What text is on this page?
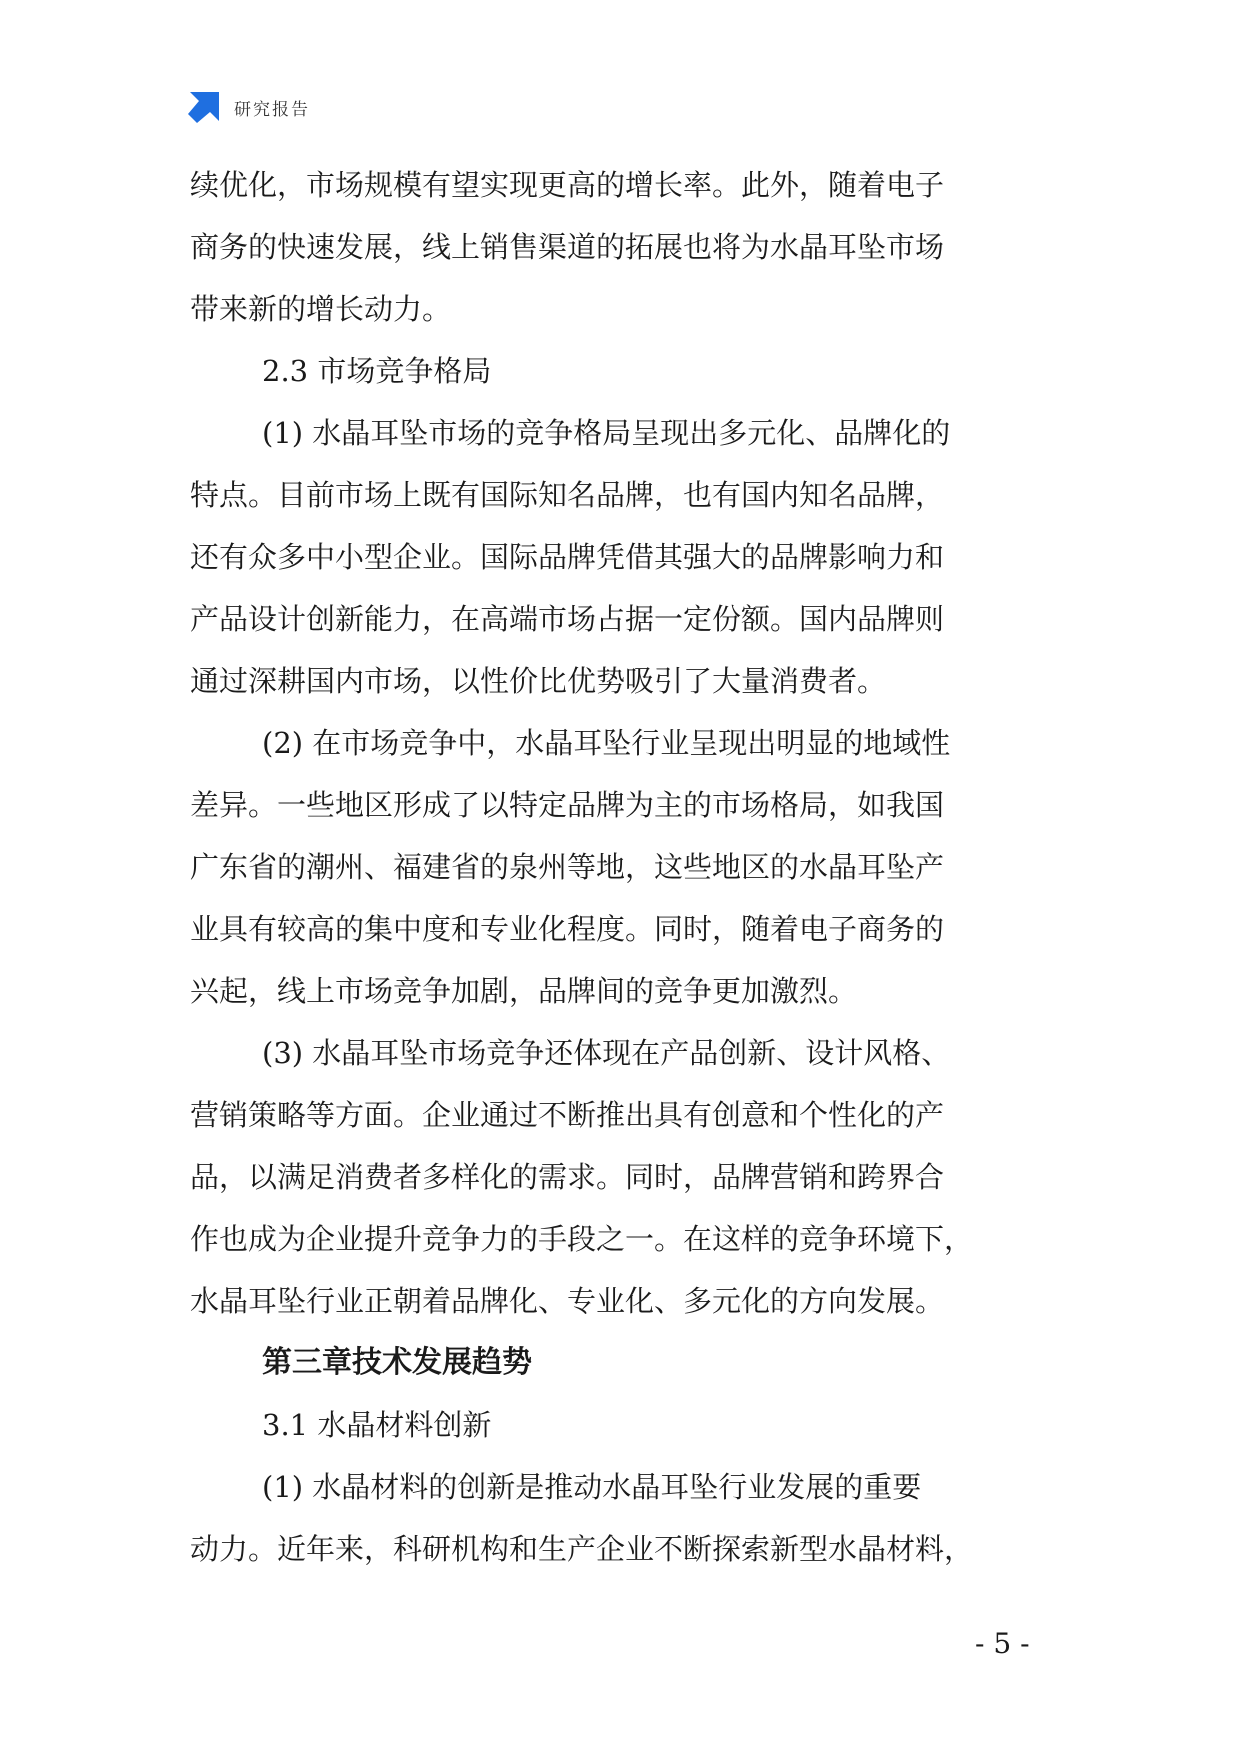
研究报告
续优化，市场规模有望实现更高的增长率。此外，随着电子
商务的快速发展，线上销售渠道的拓展也将为水晶耳坠市场
带来新的增长动力。
2.3 市场竞争格局
(1) 水晶耳坠市场的竞争格局呈现出多元化、品牌化的
特点。目前市场上既有国际知名品牌，也有国内知名品牌，
还有众多中小型企业。国际品牌凭借其强大的品牌影响力和
产品设计创新能力，在高端市场占据一定份额。国内品牌则
通过深耕国内市场，以性价比优势吸引了大量消费者。
(2) 在市场竞争中，水晶耳坠行业呈现出明显的地域性
差异。一些地区形成了以特定品牌为主的市场格局，如我国
广东省的潮州、福建省的泉州等地，这些地区的水晶耳坠产
业具有较高的集中度和专业化程度。同时，随着电子商务的
兴起，线上市场竞争加剧，品牌间的竞争更加激烈。
(3) 水晶耳坠市场竞争还体现在产品创新、设计风格、
营销策略等方面。企业通过不断推出具有创意和个性化的产
品，以满足消费者多样化的需求。同时，品牌营销和跨界合
作也成为企业提升竞争力的手段之一。在这样的竞争环境下，
水晶耳坠行业正朝着品牌化、专业化、多元化的方向发展。
第三章技术发展趋势
3.1 水晶材料创新
(1) 水晶材料的创新是推动水晶耳坠行业发展的重要
动力。近年来，科研机构和生产企业不断探索新型水晶材料，
- 5 -
